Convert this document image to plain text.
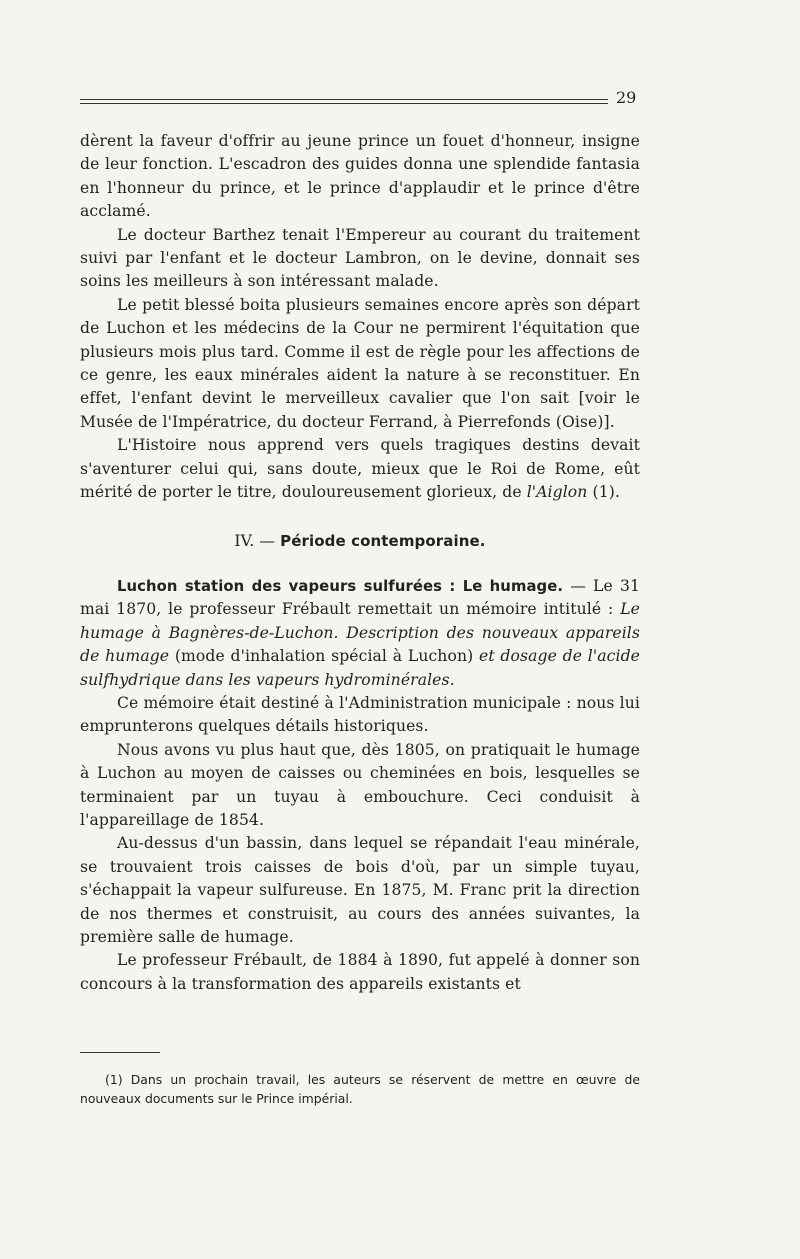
29

dèrent la faveur d'offrir au jeune prince un fouet d'honneur, insigne de leur fonction. L'escadron des guides donna une splendide fantasia en l'honneur du prince, et le prince d'applaudir et le prince d'être acclamé.

Le docteur Barthez tenait l'Empereur au courant du traitement suivi par l'enfant et le docteur Lambron, on le devine, donnait ses soins les meilleurs à son intéressant malade.

Le petit blessé boita plusieurs semaines encore après son départ de Luchon et les médecins de la Cour ne permirent l'équitation que plusieurs mois plus tard. Comme il est de règle pour les affections de ce genre, les eaux minérales aident la nature à se reconstituer. En effet, l'enfant devint le merveilleux cavalier que l'on sait [voir le Musée de l'Impératrice, du docteur Ferrand, à Pierrefonds (Oise)].

L'Histoire nous apprend vers quels tragiques destins devait s'aventurer celui qui, sans doute, mieux que le Roi de Rome, eût mérité de porter le titre, douloureusement glorieux, de l'Aiglon (1).

IV. — Période contemporaine.

Luchon station des vapeurs sulfurées : Le humage. — Le 31 mai 1870, le professeur Frébault remettait un mémoire intitulé : Le humage à Bagnères-de-Luchon. Description des nouveaux appareils de humage (mode d'inhalation spécial à Luchon) et dosage de l'acide sulfhydrique dans les vapeurs hydrominérales.

Ce mémoire était destiné à l'Administration municipale : nous lui emprunterons quelques détails historiques.

Nous avons vu plus haut que, dès 1805, on pratiquait le humage à Luchon au moyen de caisses ou cheminées en bois, lesquelles se terminaient par un tuyau à embouchure. Ceci conduisit à l'appareillage de 1854.

Au-dessus d'un bassin, dans lequel se répandait l'eau minérale, se trouvaient trois caisses de bois d'où, par un simple tuyau, s'échappait la vapeur sulfureuse. En 1875, M. Franc prit la direction de nos thermes et construisit, au cours des années suivantes, la première salle de humage.

Le professeur Frébault, de 1884 à 1890, fut appelé à donner son concours à la transformation des appareils existants et

(1) Dans un prochain travail, les auteurs se réservent de mettre en œuvre de nouveaux documents sur le Prince impérial.
